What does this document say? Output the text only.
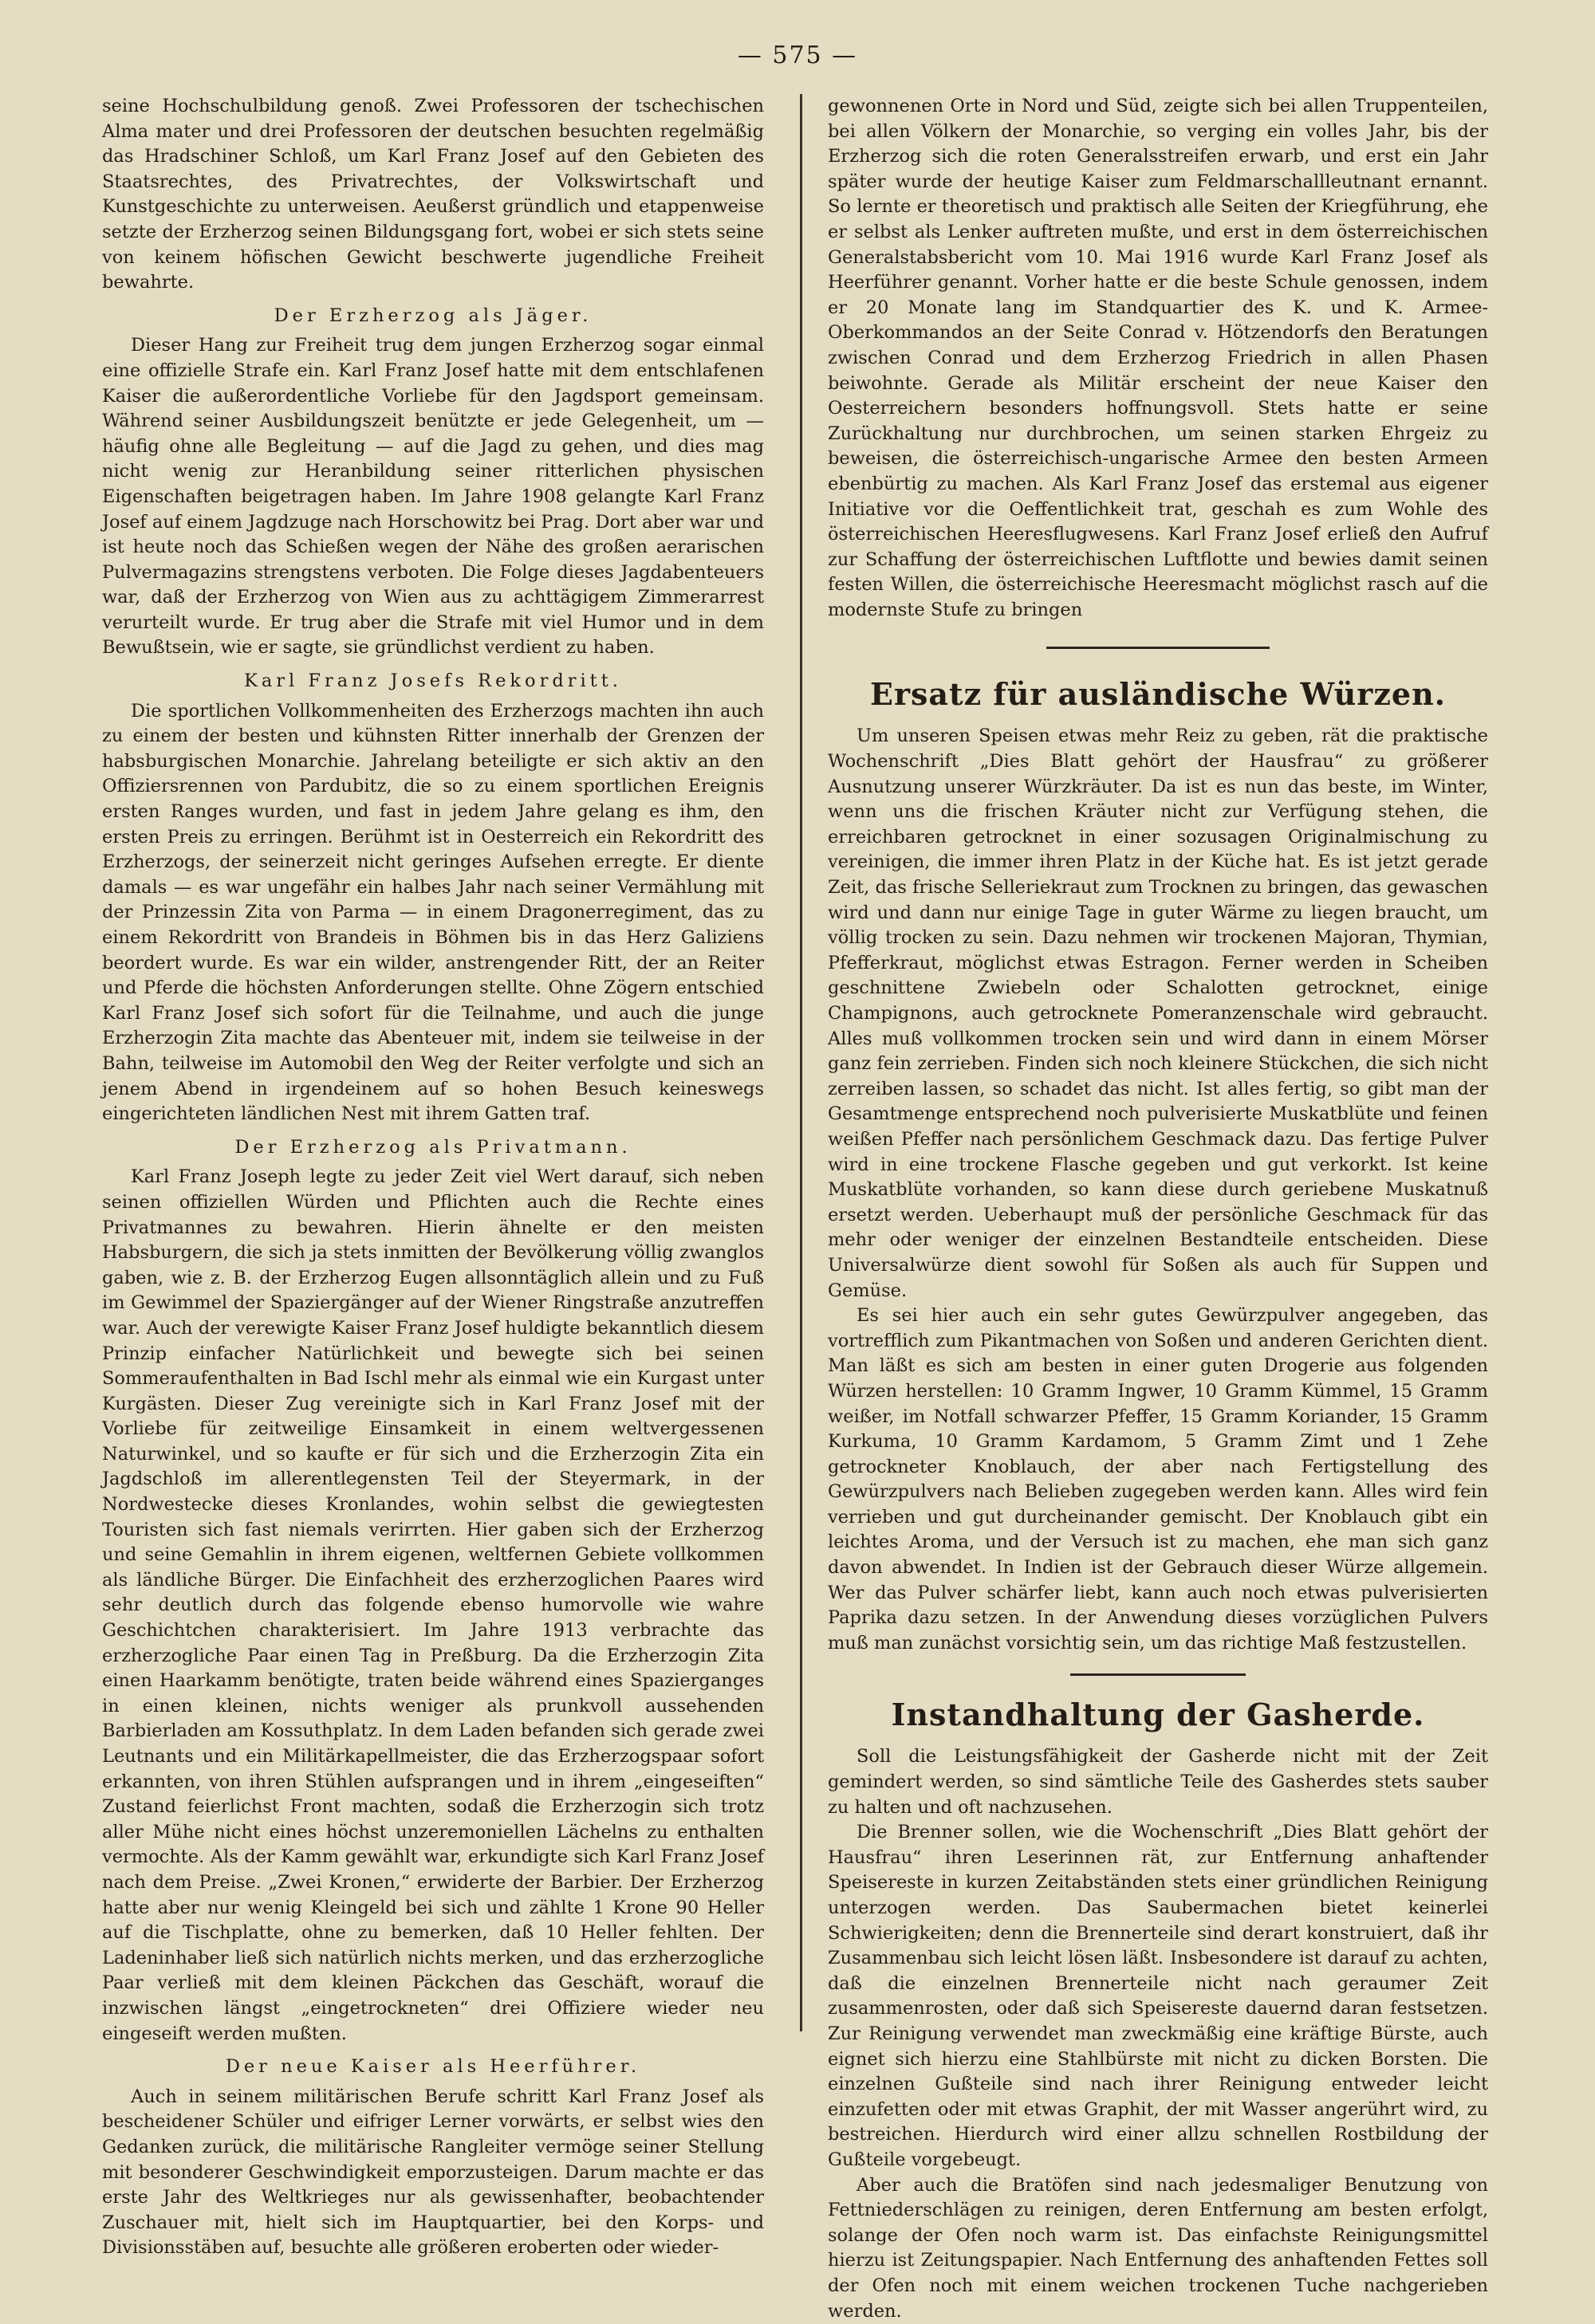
— 575 —

seine Hochschulbildung genoß. Zwei Professoren der tschechischen Alma mater und drei Professoren der deutschen besuchten regelmäßig das Hradschiner Schloß, um Karl Franz Josef auf den Gebieten des Staatsrechtes, des Privatrechtes, der Volkswirtschaft und Kunstgeschichte zu unterweisen. Aeußerst gründlich und etappenweise setzte der Erzherzog seinen Bildungsgang fort, wobei er sich stets seine von keinem höfischen Gewicht beschwerte jugendliche Freiheit bewahrte.

Der Erzherzog als Jäger.

Dieser Hang zur Freiheit trug dem jungen Erzherzog sogar einmal eine offizielle Strafe ein. Karl Franz Josef hatte mit dem entschlafenen Kaiser die außerordentliche Vorliebe für den Jagdsport gemeinsam. Während seiner Ausbildungszeit benützte er jede Gelegenheit, um — häufig ohne alle Begleitung — auf die Jagd zu gehen, und dies mag nicht wenig zur Heranbildung seiner ritterlichen physischen Eigenschaften beigetragen haben. Im Jahre 1908 gelangte Karl Franz Josef auf einem Jagdzuge nach Horschowitz bei Prag. Dort aber war und ist heute noch das Schießen wegen der Nähe des großen aerarischen Pulvermagazins strengstens verboten. Die Folge dieses Jagdabenteuers war, daß der Erzherzog von Wien aus zu achttägigem Zimmerarrest verurteilt wurde. Er trug aber die Strafe mit viel Humor und in dem Bewußtsein, wie er sagte, sie gründlichst verdient zu haben.

Karl Franz Josefs Rekordritt.

Die sportlichen Vollkommenheiten des Erzherzogs machten ihn auch zu einem der besten und kühnsten Ritter innerhalb der Grenzen der habsburgischen Monarchie. Jahrelang beteiligte er sich aktiv an den Offiziersrennen von Pardubitz, die so zu einem sportlichen Ereignis ersten Ranges wurden, und fast in jedem Jahre gelang es ihm, den ersten Preis zu erringen. Berühmt ist in Oesterreich ein Rekordritt des Erzherzogs, der seinerzeit nicht geringes Aufsehen erregte. Er diente damals — es war ungefähr ein halbes Jahr nach seiner Vermählung mit der Prinzessin Zita von Parma — in einem Dragonerregiment, das zu einem Rekordritt von Brandeis in Böhmen bis in das Herz Galiziens beordert wurde. Es war ein wilder, anstrengender Ritt, der an Reiter und Pferde die höchsten Anforderungen stellte. Ohne Zögern entschied Karl Franz Josef sich sofort für die Teilnahme, und auch die junge Erzherzogin Zita machte das Abenteuer mit, indem sie teilweise in der Bahn, teilweise im Automobil den Weg der Reiter verfolgte und sich an jenem Abend in irgendeinem auf so hohen Besuch keineswegs eingerichteten ländlichen Nest mit ihrem Gatten traf.

Der Erzherzog als Privatmann.

Karl Franz Joseph legte zu jeder Zeit viel Wert darauf, sich neben seinen offiziellen Würden und Pflichten auch die Rechte eines Privatmannes zu bewahren. Hierin ähnelte er den meisten Habsburgern, die sich ja stets inmitten der Bevölkerung völlig zwanglos gaben, wie z. B. der Erzherzog Eugen allsonntäglich allein und zu Fuß im Gewimmel der Spaziergänger auf der Wiener Ringstraße anzutreffen war. Auch der verewigte Kaiser Franz Josef huldigte bekanntlich diesem Prinzip einfacher Natürlichkeit und bewegte sich bei seinen Sommeraufenthalten in Bad Ischl mehr als einmal wie ein Kurgast unter Kurgästen. Dieser Zug vereinigte sich in Karl Franz Josef mit der Vorliebe für zeitweilige Einsamkeit in einem weltvergessenen Naturwinkel, und so kaufte er für sich und die Erzherzogin Zita ein Jagdschloß im allerentlegensten Teil der Steyermark, in der Nordwestecke dieses Kronlandes, wohin selbst die gewiegtesten Touristen sich fast niemals verirrten. Hier gaben sich der Erzherzog und seine Gemahlin in ihrem eigenen, weltfernen Gebiete vollkommen als ländliche Bürger. Die Einfachheit des erzherzoglichen Paares wird sehr deutlich durch das folgende ebenso humorvolle wie wahre Geschichtchen charakterisiert. Im Jahre 1913 verbrachte das erzherzogliche Paar einen Tag in Preßburg. Da die Erzherzogin Zita einen Haarkamm benötigte, traten beide während eines Spazierganges in einen kleinen, nichts weniger als prunkvoll aussehenden Barbierladen am Kossuthplatz. In dem Laden befanden sich gerade zwei Leutnants und ein Militärkapellmeister, die das Erzherzogspaar sofort erkannten, von ihren Stühlen aufsprangen und in ihrem „eingeseiften“ Zustand feierlichst Front machten, sodaß die Erzherzogin sich trotz aller Mühe nicht eines höchst unzeremoniellen Lächelns zu enthalten vermochte. Als der Kamm gewählt war, erkundigte sich Karl Franz Josef nach dem Preise. „Zwei Kronen,“ erwiderte der Barbier. Der Erzherzog hatte aber nur wenig Kleingeld bei sich und zählte 1 Krone 90 Heller auf die Tischplatte, ohne zu bemerken, daß 10 Heller fehlten. Der Ladeninhaber ließ sich natürlich nichts merken, und das erzherzogliche Paar verließ mit dem kleinen Päckchen das Geschäft, worauf die inzwischen längst „eingetrockneten“ drei Offiziere wieder neu eingeseift werden mußten.

Der neue Kaiser als Heerführer.

Auch in seinem militärischen Berufe schritt Karl Franz Josef als bescheidener Schüler und eifriger Lerner vorwärts, er selbst wies den Gedanken zurück, die militärische Rangleiter vermöge seiner Stellung mit besonderer Geschwindigkeit emporzusteigen. Darum machte er das erste Jahr des Weltkrieges nur als gewissenhafter, beobachtender Zuschauer mit, hielt sich im Hauptquartier, bei den Korps- und Divisionsstäben auf, besuchte alle größeren eroberten oder wieder-

gewonnenen Orte in Nord und Süd, zeigte sich bei allen Truppenteilen, bei allen Völkern der Monarchie, so verging ein volles Jahr, bis der Erzherzog sich die roten Generalsstreifen erwarb, und erst ein Jahr später wurde der heutige Kaiser zum Feldmarschallleutnant ernannt. So lernte er theoretisch und praktisch alle Seiten der Kriegführung, ehe er selbst als Lenker auftreten mußte, und erst in dem österreichischen Generalstabsbericht vom 10. Mai 1916 wurde Karl Franz Josef als Heerführer genannt. Vorher hatte er die beste Schule genossen, indem er 20 Monate lang im Standquartier des K. und K. Armee-Oberkommandos an der Seite Conrad v. Hötzendorfs den Beratungen zwischen Conrad und dem Erzherzog Friedrich in allen Phasen beiwohnte. Gerade als Militär erscheint der neue Kaiser den Oesterreichern besonders hoffnungsvoll. Stets hatte er seine Zurückhaltung nur durchbrochen, um seinen starken Ehrgeiz zu beweisen, die österreichisch-ungarische Armee den besten Armeen ebenbürtig zu machen. Als Karl Franz Josef das erstemal aus eigener Initiative vor die Oeffentlichkeit trat, geschah es zum Wohle des österreichischen Heeresflugwesens. Karl Franz Josef erließ den Aufruf zur Schaffung der österreichischen Luftflotte und bewies damit seinen festen Willen, die österreichische Heeresmacht möglichst rasch auf die modernste Stufe zu bringen

Ersatz für ausländische Würzen.

Um unseren Speisen etwas mehr Reiz zu geben, rät die praktische Wochenschrift „Dies Blatt gehört der Hausfrau“ zu größerer Ausnutzung unserer Würzkräuter. Da ist es nun das beste, im Winter, wenn uns die frischen Kräuter nicht zur Verfügung stehen, die erreichbaren getrocknet in einer sozusagen Originalmischung zu vereinigen, die immer ihren Platz in der Küche hat. Es ist jetzt gerade Zeit, das frische Selleriekraut zum Trocknen zu bringen, das gewaschen wird und dann nur einige Tage in guter Wärme zu liegen braucht, um völlig trocken zu sein. Dazu nehmen wir trockenen Majoran, Thymian, Pfefferkraut, möglichst etwas Estragon. Ferner werden in Scheiben geschnittene Zwiebeln oder Schalotten getrocknet, einige Champignons, auch getrocknete Pomeranzenschale wird gebraucht. Alles muß vollkommen trocken sein und wird dann in einem Mörser ganz fein zerrieben. Finden sich noch kleinere Stückchen, die sich nicht zerreiben lassen, so schadet das nicht. Ist alles fertig, so gibt man der Gesamtmenge entsprechend noch pulverisierte Muskatblüte und feinen weißen Pfeffer nach persönlichem Geschmack dazu. Das fertige Pulver wird in eine trockene Flasche gegeben und gut verkorkt. Ist keine Muskatblüte vorhanden, so kann diese durch geriebene Muskatnuß ersetzt werden. Ueberhaupt muß der persönliche Geschmack für das mehr oder weniger der einzelnen Bestandteile entscheiden. Diese Universalwürze dient sowohl für Soßen als auch für Suppen und Gemüse.

Es sei hier auch ein sehr gutes Gewürzpulver angegeben, das vortrefflich zum Pikantmachen von Soßen und anderen Gerichten dient. Man läßt es sich am besten in einer guten Drogerie aus folgenden Würzen herstellen: 10 Gramm Ingwer, 10 Gramm Kümmel, 15 Gramm weißer, im Notfall schwarzer Pfeffer, 15 Gramm Koriander, 15 Gramm Kurkuma, 10 Gramm Kardamom, 5 Gramm Zimt und 1 Zehe getrockneter Knoblauch, der aber nach Fertigstellung des Gewürzpulvers nach Belieben zugegeben werden kann. Alles wird fein verrieben und gut durcheinander gemischt. Der Knoblauch gibt ein leichtes Aroma, und der Versuch ist zu machen, ehe man sich ganz davon abwendet. In Indien ist der Gebrauch dieser Würze allgemein. Wer das Pulver schärfer liebt, kann auch noch etwas pulverisierten Paprika dazu setzen. In der Anwendung dieses vorzüglichen Pulvers muß man zunächst vorsichtig sein, um das richtige Maß festzustellen.

Instandhaltung der Gasherde.

Soll die Leistungsfähigkeit der Gasherde nicht mit der Zeit gemindert werden, so sind sämtliche Teile des Gasherdes stets sauber zu halten und oft nachzusehen.

Die Brenner sollen, wie die Wochenschrift „Dies Blatt gehört der Hausfrau“ ihren Leserinnen rät, zur Entfernung anhaftender Speisereste in kurzen Zeitabständen stets einer gründlichen Reinigung unterzogen werden. Das Saubermachen bietet keinerlei Schwierigkeiten; denn die Brennerteile sind derart konstruiert, daß ihr Zusammenbau sich leicht lösen läßt. Insbesondere ist darauf zu achten, daß die einzelnen Brennerteile nicht nach geraumer Zeit zusammenrosten, oder daß sich Speisereste dauernd daran festsetzen. Zur Reinigung verwendet man zweckmäßig eine kräftige Bürste, auch eignet sich hierzu eine Stahlbürste mit nicht zu dicken Borsten. Die einzelnen Gußteile sind nach ihrer Reinigung entweder leicht einzufetten oder mit etwas Graphit, der mit Wasser angerührt wird, zu bestreichen. Hierdurch wird einer allzu schnellen Rostbildung der Gußteile vorgebeugt.

Aber auch die Bratöfen sind nach jedesmaliger Benutzung von Fettniederschlägen zu reinigen, deren Entfernung am besten erfolgt, solange der Ofen noch warm ist. Das einfachste Reinigungsmittel hierzu ist Zeitungspapier. Nach Entfernung des anhaftenden Fettes soll der Ofen noch mit einem weichen trockenen Tuche nachgerieben werden.
